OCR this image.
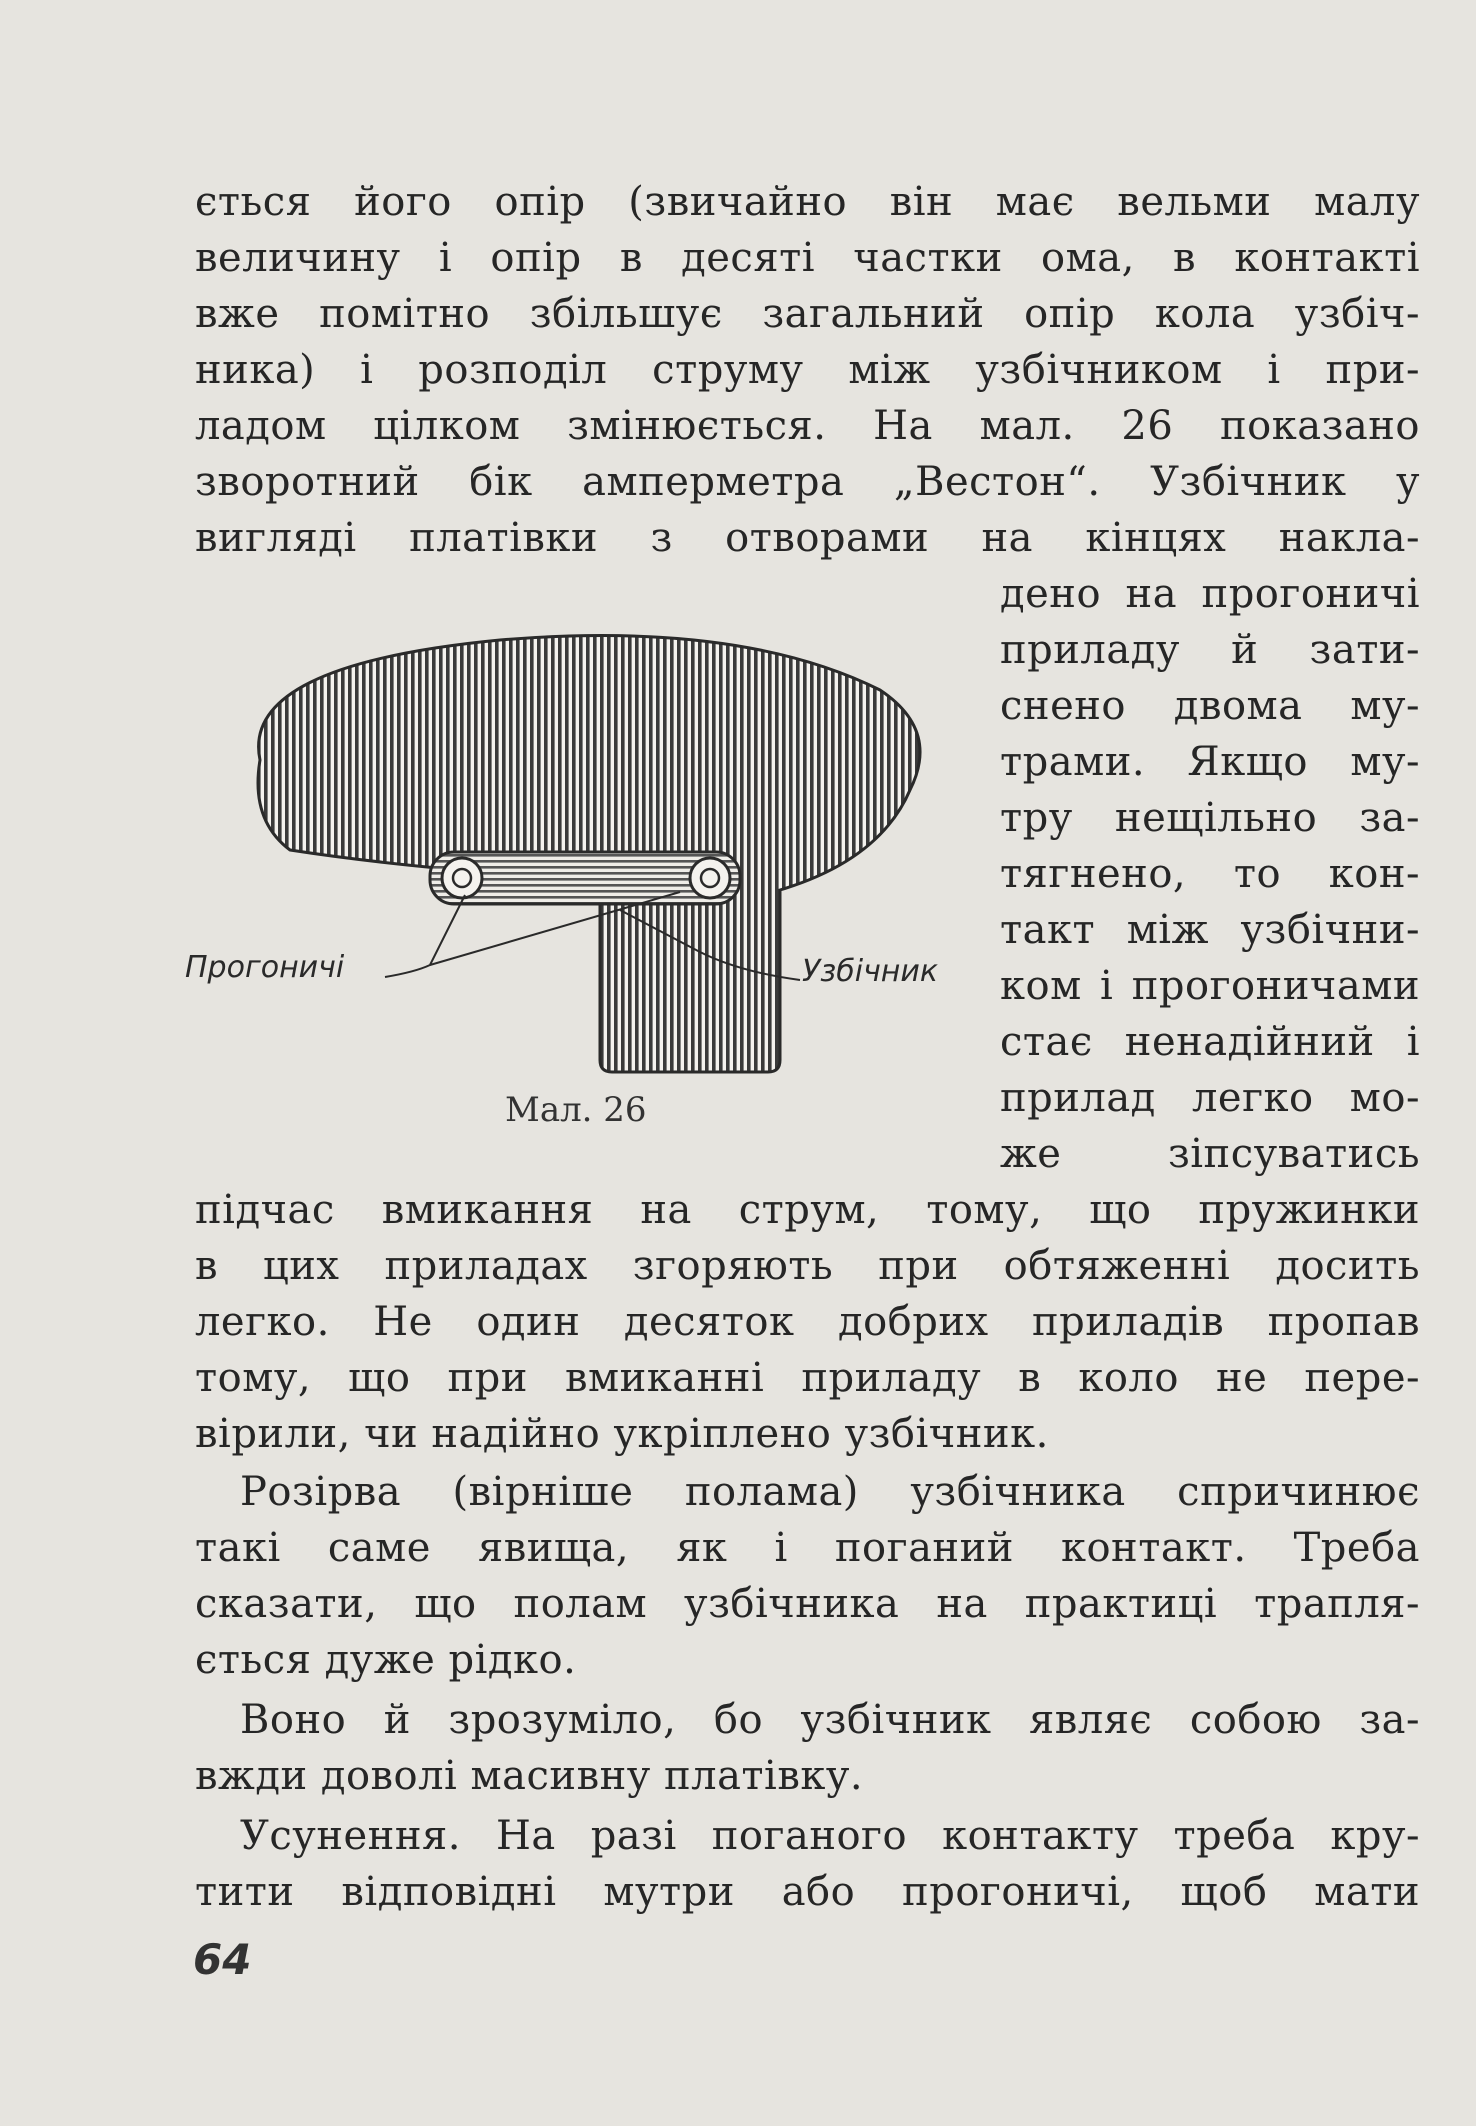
ється його опір (звичайно він має вельми малу
величину і опір в десяті частки ома, в контакті
вже помітно збільшує загальний опір кола узбіч-
ника) і розподіл струму між узбічником і при-
ладом цілком змінюється. На мал. 26 показано
зворотний бік амперметра „Вестон“. Узбічник у
вигляді платівки з отворами на кінцях накла-
дено на прогоничі
приладу й зати-
снено двома му-
трами. Якщо му-
тру нещільно за-
тягнено, то кон-
такт між узбічни-
ком і прогоничами
стає ненадійний і
прилад легко мо-
же зіпсуватись
Прогоничі	Узбічник
Мал. 26
підчас вмикання на струм, тому, що пружинки
в цих приладах згоряють при обтяженні досить
легко. Не один десяток добрих приладів пропав
тому, що при вмиканні приладу в коло не пере-
вірили, чи надійно укріплено узбічник.
Розірва (вірніше полама) узбічника спричинює
такі саме явища, як і поганий контакт. Треба
сказати, що полам узбічника на практиці трапля-
ється дуже рідко.
Воно й зрозуміло, бо узбічник являє собою за-
вжди доволі масивну платівку.
Усунення. На разі поганого контакту треба кру-
тити відповідні мутри або прогоничі, щоб мати
64
